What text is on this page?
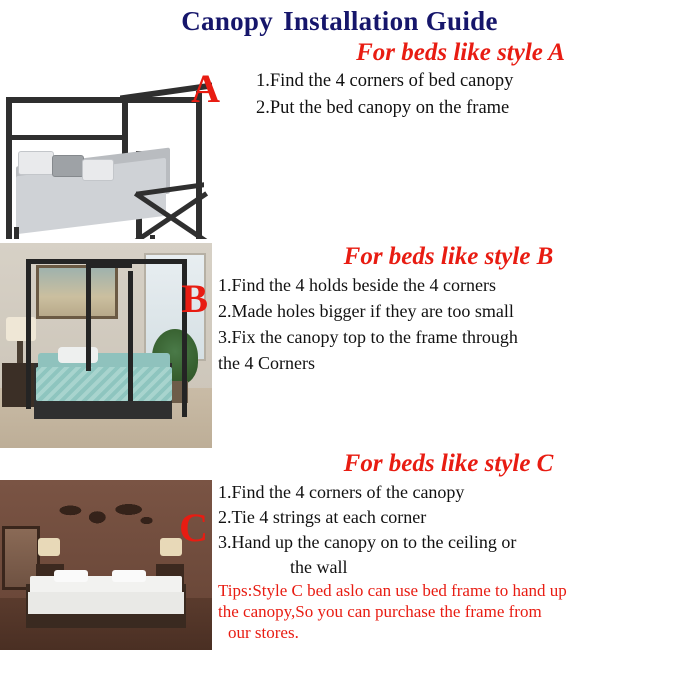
Canopy Installation Guide
A
For beds like style A
1.Find the 4 corners of bed canopy
2.Put the bed canopy on the frame
B
For beds like style B
1.Find the 4 holds beside the 4 corners
2.Made holes bigger if they are too small
3.Fix the canopy top to the frame through
the 4 Corners
C
For beds like style C
1.Find the 4 corners of the canopy
2.Tie 4 strings at each corner
3.Hand up the canopy on to the ceiling or
the wall
Tips:Style C bed aslo can use bed frame to hand up
the canopy,So you can purchase the frame from
our stores.
